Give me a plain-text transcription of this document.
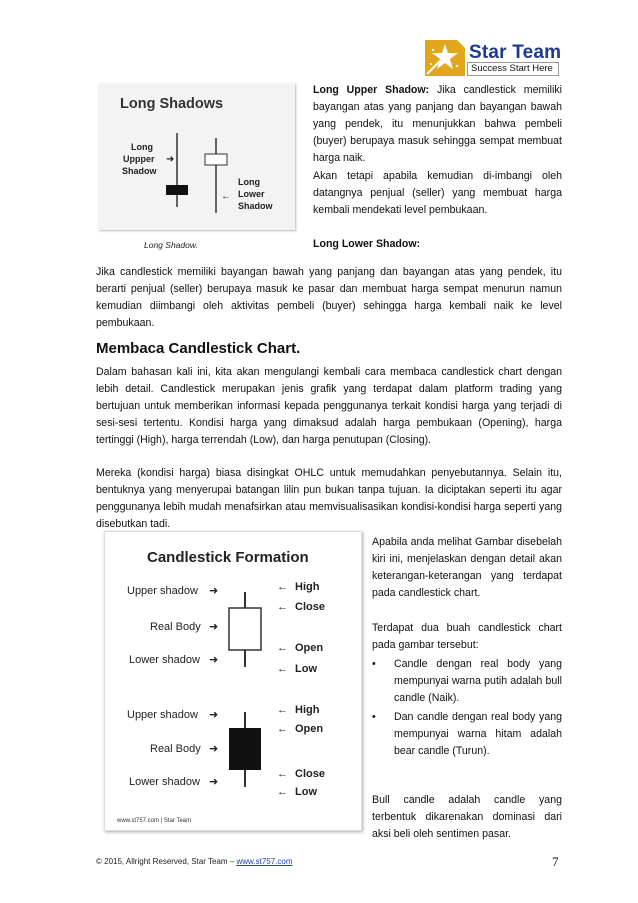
Star Team
Success Start Here
Long Shadows
Long
Uppper
Shadow
➜
Long
Lower
Shadow
←
Long Shadow.
Long Upper Shadow: Jika candlestick memiliki bayangan atas yang panjang dan bayangan bawah yang pendek, itu menunjukkan bahwa pembeli (buyer) berupaya masuk sehingga sempat membuat harga naik.
Akan tetapi apabila kemudian di-imbangi oleh datangnya penjual (seller) yang membuat harga kembali mendekati level pembukaan.
Long Lower Shadow:
Jika candlestick memiliki bayangan bawah yang panjang dan bayangan atas yang pendek, itu berarti penjual (seller) berupaya masuk ke pasar dan membuat harga sempat menurun namun kemudian diimbangi oleh aktivitas pembeli (buyer) sehingga harga kembali naik ke level pembukaan.
Membaca Candlestick Chart.
Dalam bahasan kali ini, kita akan mengulangi kembali cara membaca candlestick chart dengan lebih detail. Candlestick merupakan jenis grafik yang terdapat dalam platform trading yang bertujuan untuk memberikan informasi kepada penggunanya terkait kondisi harga yang terjadi di sesi-sesi tertentu. Kondisi harga yang dimaksud adalah harga pembukaan (Opening), harga tertinggi (High), harga terrendah (Low), dan harga penutupan (Closing).
Mereka (kondisi harga) biasa disingkat OHLC untuk memudahkan penyebutannya. Selain itu, bentuknya yang menyerupai batangan lilin pun bukan tanpa tujuan. Ia diciptakan seperti itu agar penggunanya lebih mudah menafsirkan atau memvisualisasikan kondisi-kondisi harga seperti yang disebutkan tadi.
Candlestick Formation
Upper shadow ➜
Real Body ➜
Lower shadow ➜
← High
← Close
← Open
← Low
Upper shadow ➜
Real Body ➜
Lower shadow ➜
← High
← Open
← Close
← Low
www.st757.com | Star Team
Apabila anda melihat Gambar disebelah kiri ini, menjelaskan dengan detail akan keterangan-keterangan yang terdapat pada candlestick chart.
Terdapat dua buah candlestick chart pada gambar tersebut:
• Candle dengan real body yang mempunyai warna putih adalah bull candle (Naik).
• Dan candle dengan real body yang mempunyai warna hitam adalah bear candle (Turun).
Bull candle adalah candle yang terbentuk dikarenakan dominasi dari aksi beli oleh sentimen pasar.
© 2015, Allright Reserved, Star Team – www.st757.com	7
